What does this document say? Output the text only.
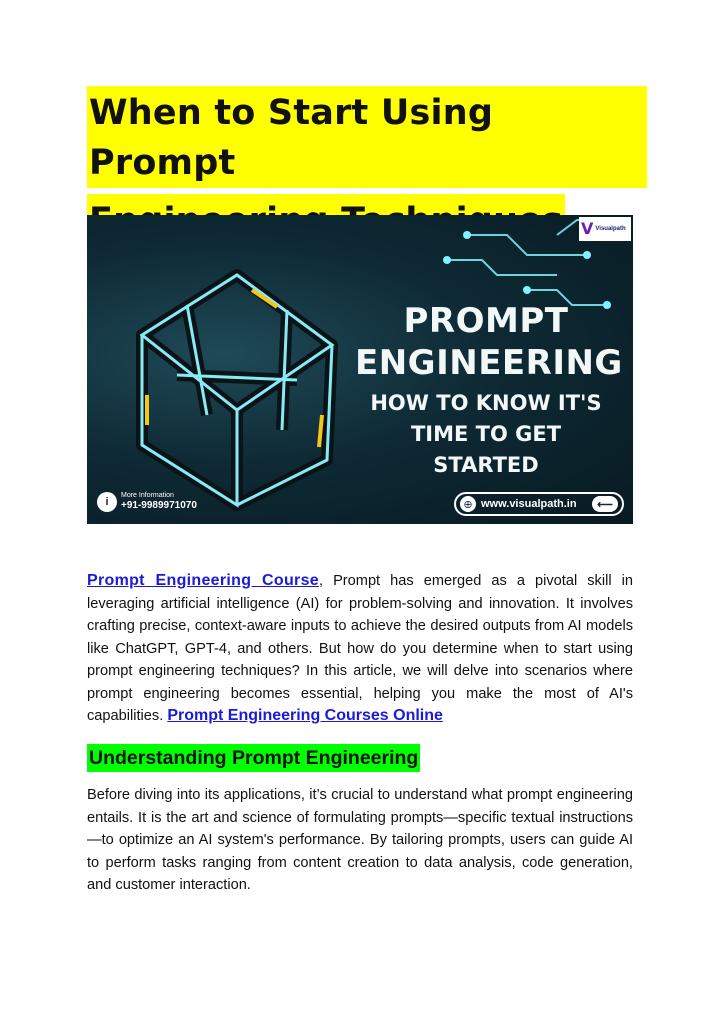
When to Start Using Prompt

V Visualpath
PROMPT
ENGINEERING
HOW TO KNOW IT'S
TIME TO GET STARTED
i	More Information
+91-9989971070	⊕ www.visualpath.in	⟵

Prompt Engineering Course, Prompt has emerged as a pivotal skill in leveraging artificial intelligence (AI) for problem-solving and innovation. It involves crafting precise, context-aware inputs to achieve the desired outputs from AI models like ChatGPT, GPT-4, and others. But how do you determine when to start using prompt engineering techniques? In this article, we will delve into scenarios where prompt engineering becomes essential, helping you make the most of AI's capabilities. Prompt Engineering Courses Online

Understanding Prompt Engineering

Before diving into its applications, it’s crucial to understand what prompt engineering entails. It is the art and science of formulating prompts—specific textual instructions—to optimize an AI system's performance. By tailoring prompts, users can guide AI to perform tasks ranging from content creation to data analysis, code generation, and customer interaction.
